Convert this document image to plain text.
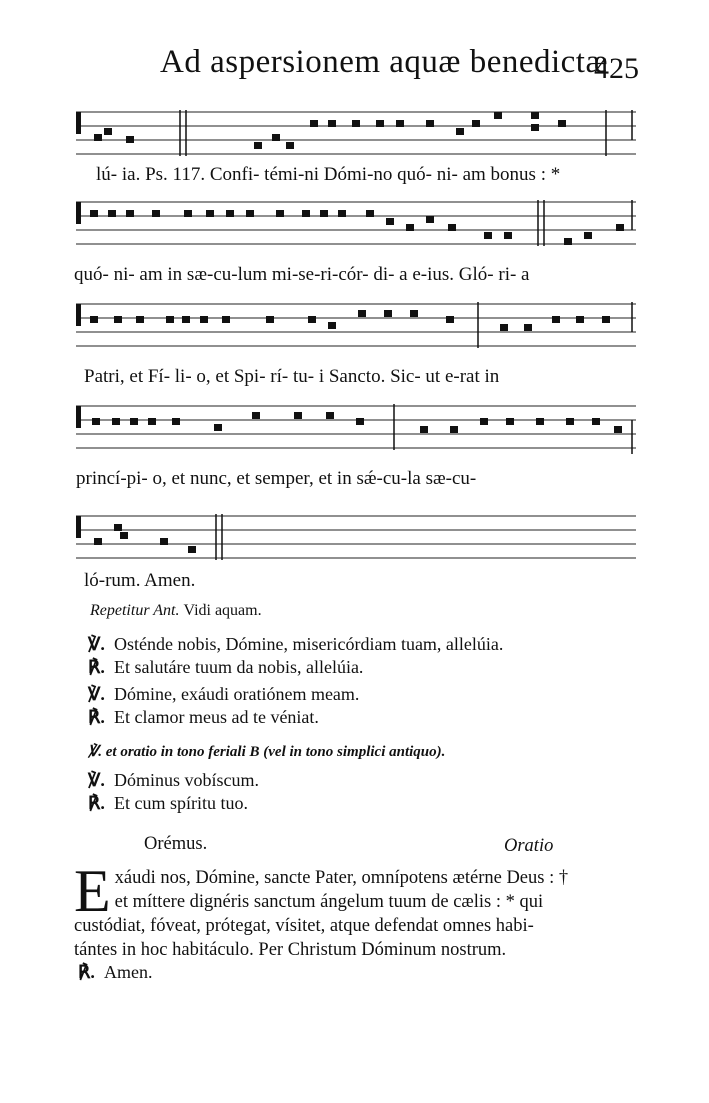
Ad aspersionem aquæ benedictæ
425
lú- ia. Ps. 117. Confi- témi-ni Dómi-no quó- ni- am bonus : *
quó- ni- am in sæ-cu-lum mi-se-ri-cór- di- a e-ius. Gló- ri- a
Patri, et Fí- li- o, et Spi- rí- tu- i Sancto. Sic- ut e-rat in
princí-pi- o, et nunc, et semper, et in sǽ-cu-la sæ-cu-
ló-rum. Amen.
Repetitur Ant. Vidi aquam.
℣. Osténde nobis, Dómine, misericórdiam tuam, allelúia.
℟. Et salutáre tuum da nobis, allelúia.
℣. Dómine, exáudi oratiónem meam.
℟. Et clamor meus ad te véniat.
℣. et oratio in tono feriali B (vel in tono simplici antiquo).
℣. Dóminus vobíscum.
℟. Et cum spíritu tuo.
Orémus.	Oratio
E xáudi nos, Dómine, sancte Pater, omnípotens ætérne Deus : †
et míttere dignéris sanctum ángelum tuum de cælis : * qui
custódiat, fóveat, prótegat, vísitet, atque defendat omnes habi-
tántes in hoc habitáculo. Per Christum Dóminum nostrum.
℟. Amen.
